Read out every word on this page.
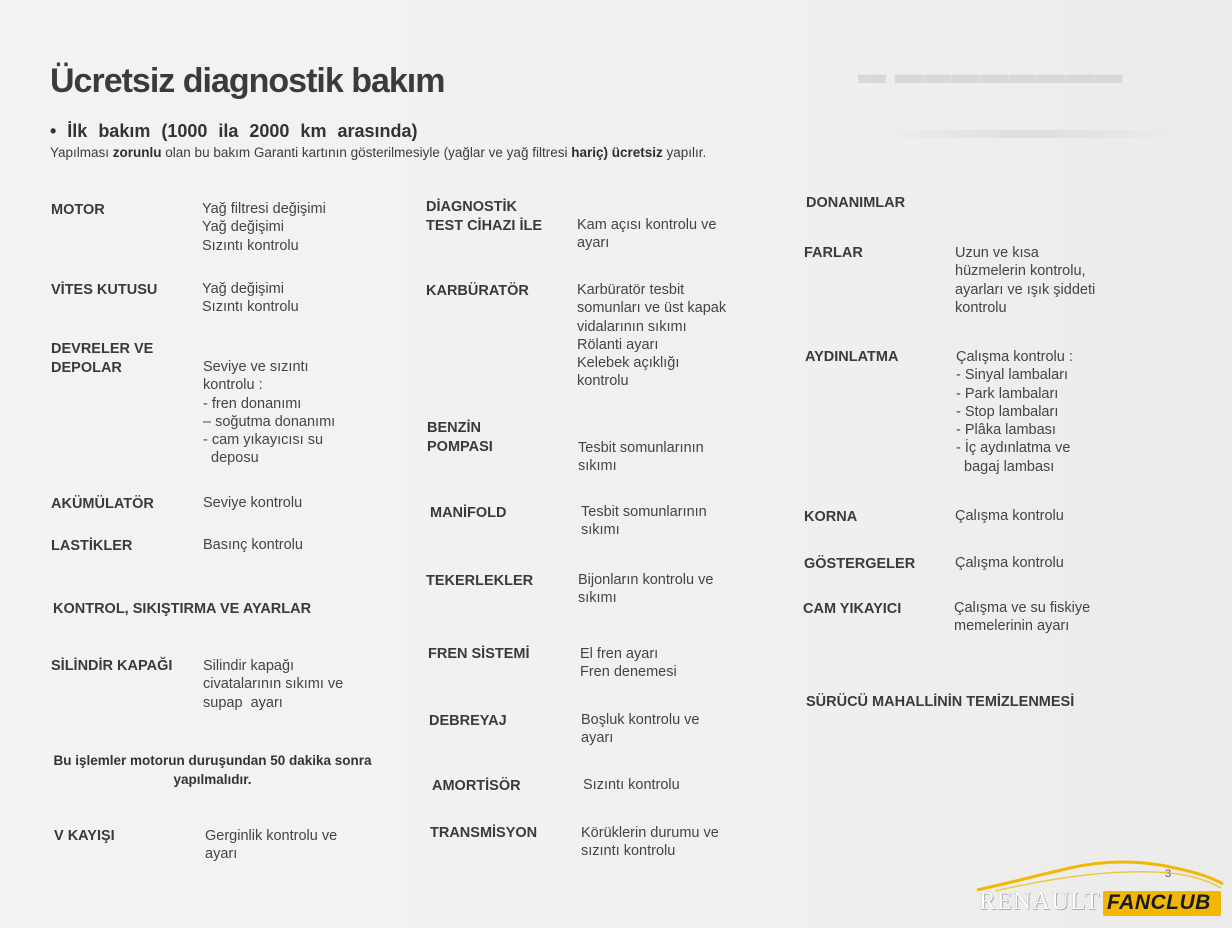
▬ ▬▬▬▬▬▬▬▬
Ücretsiz diagnostik bakım
• İlk bakım (1000 ila 2000 km arasında)
Yapılması zorunlu olan bu bakım Garanti kartının gösterilmesiyle (yağlar ve yağ filtresi hariç) ücretsiz yapılır.
MOTOR	Yağ filtresi değişimi
Yağ değişimi
Sızıntı kontrolu
VİTES KUTUSU	Yağ değişimi
Sızıntı kontrolu
DEVRELER VE
DEPOLAR	Seviye ve sızıntı
kontrolu :
- fren donanımı
– soğutma donanımı
- cam yıkayıcısı su
deposu
AKÜMÜLATÖR	Seviye kontrolu
LASTİKLER	Basınç kontrolu
KONTROL, SIKIŞTIRMA VE AYARLAR
SİLİNDİR KAPAĞI Silindir kapağı
civatalarının sıkımı ve
supap  ayarı
Bu işlemler motorun duruşundan 50 dakika sonra yapılmalıdır.
V KAYIŞI	Gerginlik kontrolu ve
ayarı
DİAGNOSTİK
TEST CİHAZI İLE Kam açısı kontrolu ve
ayarı
KARBÜRATÖR	Karbüratör tesbit
somunları ve üst kapak
vidalarının sıkımı
Rölanti ayarı
Kelebek açıklığı
kontrolu
BENZİN
POMPASI	Tesbit somunlarının
sıkımı
MANİFOLD	Tesbit somunlarının
sıkımı
TEKERLEKLER	Bijonların kontrolu ve
sıkımı
FREN SİSTEMİ	El fren ayarı
Fren denemesi
DEBREYAJ	Boşluk kontrolu ve
ayarı
AMORTİSÖR	Sızıntı kontrolu
TRANSMİSYON	Körüklerin durumu ve
sızıntı kontrolu
DONANIMLAR
FARLAR	Uzun ve kısa
hüzmelerin kontrolu,
ayarları ve ışık şiddeti
kontrolu
AYDINLATMA	Çalışma kontrolu :
- Sinyal lambaları
- Park lambaları
- Stop lambaları
- Plâka lambası
- İç aydınlatma ve
bagaj lambası
KORNA	Çalışma kontrolu
GÖSTERGELER	Çalışma kontrolu
CAM YIKAYICI	Çalışma ve su fiskiye
memelerinin ayarı
SÜRÜCÜ MAHALLİNİN TEMİZLENMESİ
3
RENAULT FANCLUB
